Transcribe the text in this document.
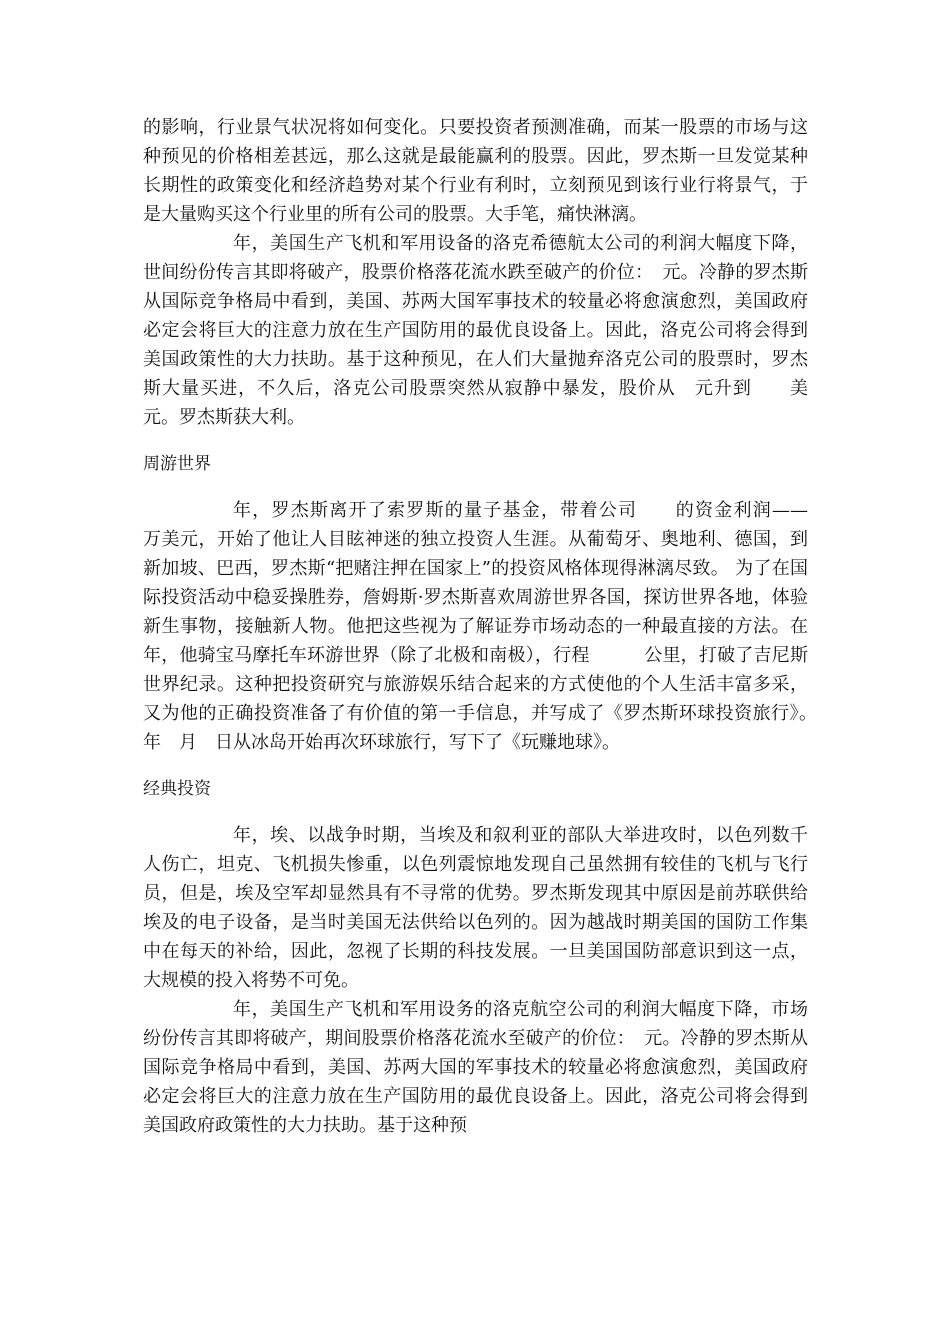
的影响，行业景气状况将如何变化。只要投资者预测准确，而某一股票的市场与这种预见的价格相差甚远，那么这就是最能赢利的股票。因此，罗杰斯一旦发觉某种长期性的政策变化和经济趋势对某个行业有利时，立刻预见到该行业行将景气，于是大量购买这个行业里的所有公司的股票。大手笔，痛快淋漓。

年，美国生产飞机和军用设备的洛克希德航太公司的利润大幅度下降，世间纷份传言其即将破产，股票价格落花流水跌至破产的价位：　元。冷静的罗杰斯从国际竞争格局中看到，美国、苏两大国军事技术的较量必将愈演愈烈，美国政府必定会将巨大的注意力放在生产国防用的最优良设备上。因此，洛克公司将会得到美国政策性的大力扶助。基于这种预见，在人们大量抛弃洛克公司的股票时，罗杰斯大量买进，不久后，洛克公司股票突然从寂静中暴发，股价从　元升到　　美元。罗杰斯获大利。

周游世界

年，罗杰斯离开了索罗斯的量子基金，带着公司　　的资金利润——　　万美元，开始了他让人目眩神迷的独立投资人生涯。从葡萄牙、奥地利、德国，到新加坡、巴西，罗杰斯“把赌注押在国家上”的投资风格体现得淋漓尽致。 为了在国际投资活动中稳妥操胜券，詹姆斯·罗杰斯喜欢周游世界各国，探访世界各地，体验新生事物，接触新人物。他把这些视为了解证券市场动态的一种最直接的方法。在　　年，他骑宝马摩托车环游世界（除了北极和南极），行程　　　公里，打破了吉尼斯世界纪录。这种把投资研究与旅游娱乐结合起来的方式使他的个人生活丰富多采，又为他的正确投资准备了有价值的第一手信息，并写成了《罗杰斯环球投资旅行》。　　年　月　日从冰岛开始再次环球旅行，写下了《玩赚地球》。

经典投资

年，埃、以战争时期，当埃及和叙利亚的部队大举进攻时，以色列数千人伤亡，坦克、飞机损失惨重，以色列震惊地发现自己虽然拥有较佳的飞机与飞行员，但是，埃及空军却显然具有不寻常的优势。罗杰斯发现其中原因是前苏联供给埃及的电子设备，是当时美国无法供给以色列的。因为越战时期美国的国防工作集中在每天的补给，因此，忽视了长期的科技发展。一旦美国国防部意识到这一点，大规模的投入将势不可免。

年，美国生产飞机和军用设务的洛克航空公司的利润大幅度下降，市场纷份传言其即将破产，期间股票价格落花流水至破产的价位：　元。冷静的罗杰斯从国际竞争格局中看到，美国、苏两大国的军事技术的较量必将愈演愈烈，美国政府必定会将巨大的注意力放在生产国防用的最优良设备上。因此，洛克公司将会得到美国政府政策性的大力扶助。基于这种预
